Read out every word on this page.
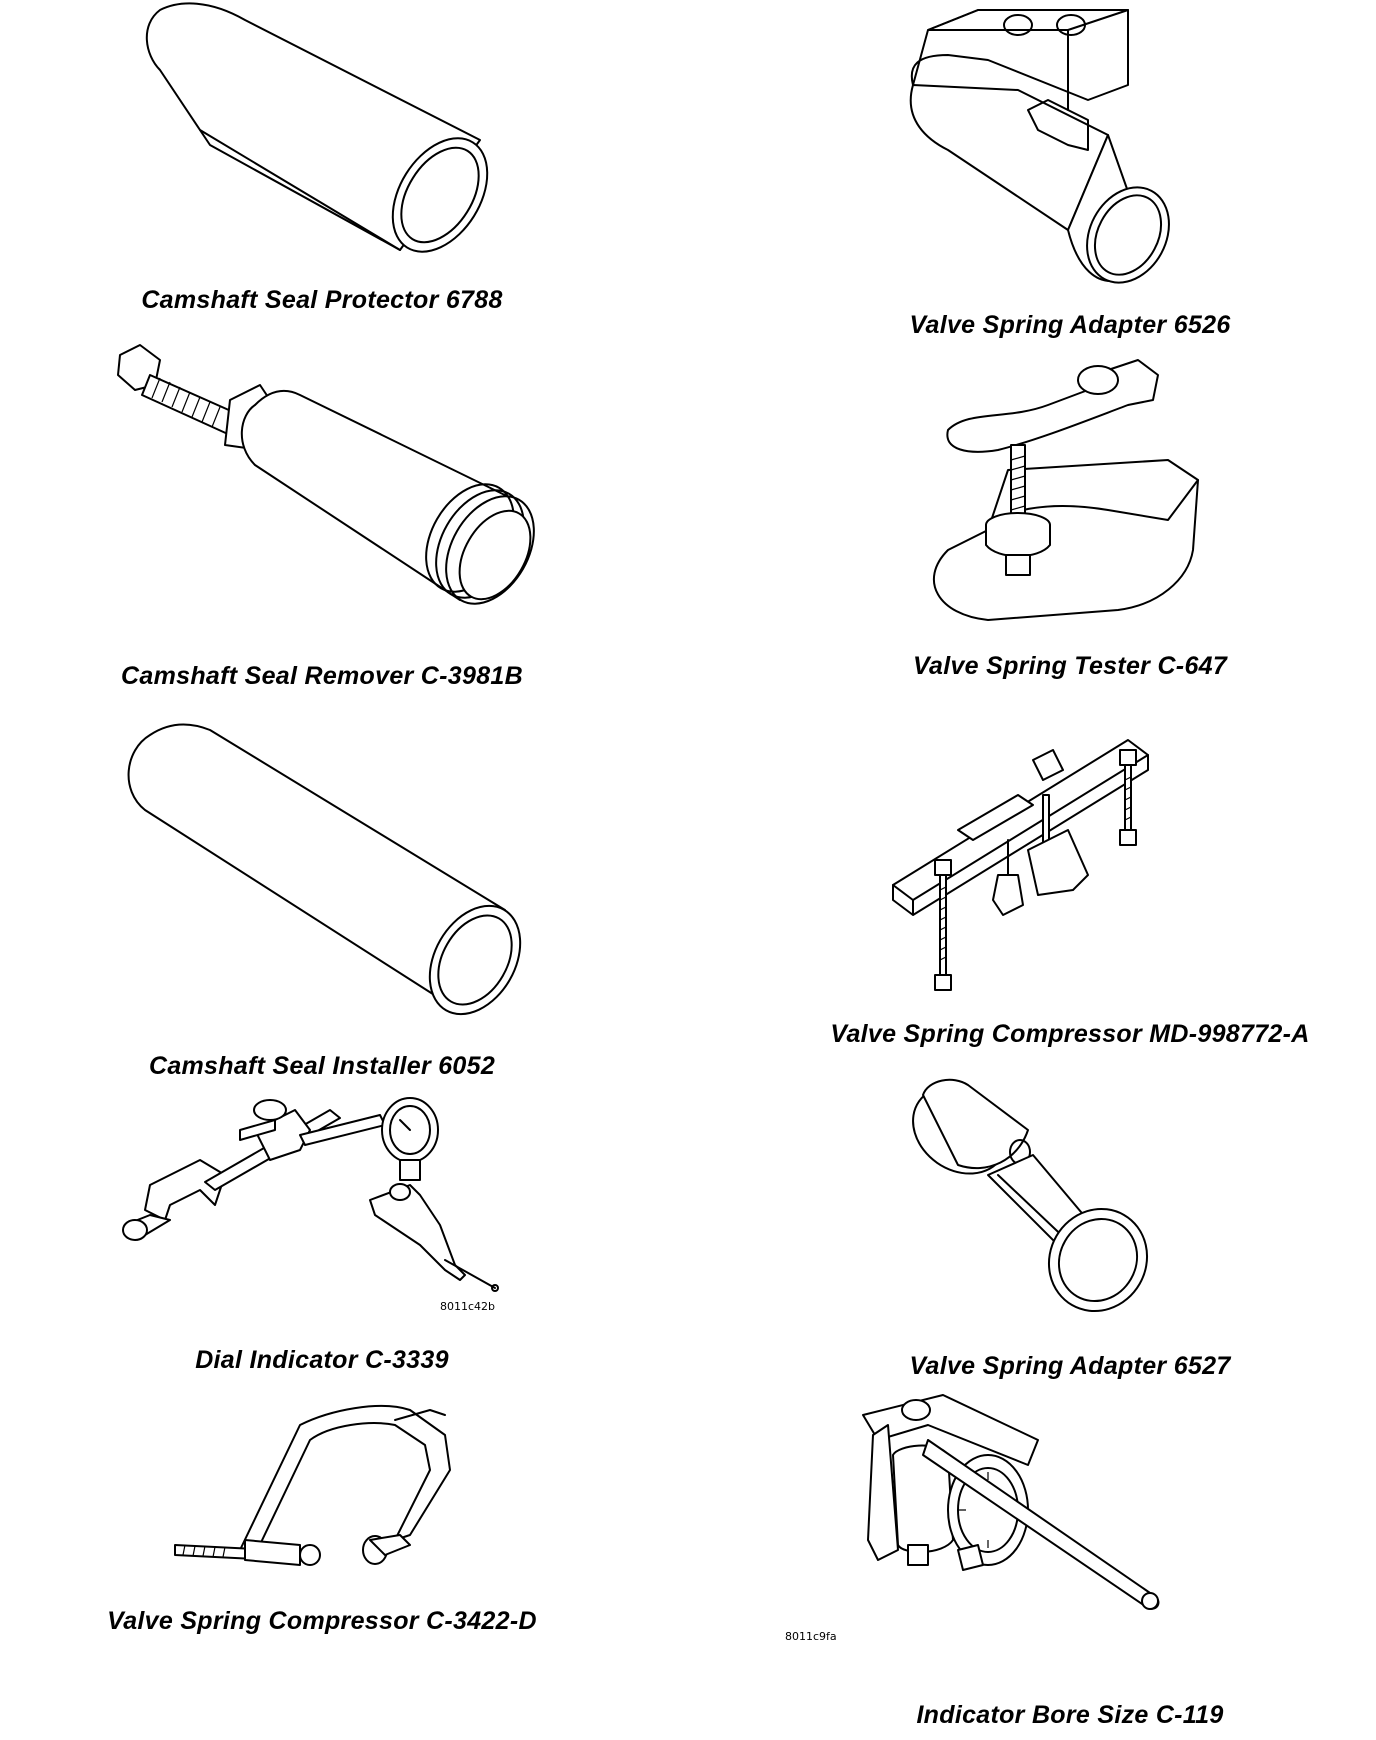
Camshaft Seal Protector 6788
Valve Spring Adapter 6526
Camshaft Seal Remover C-3981B	Valve Spring Tester C-647
Camshaft Seal Installer 6052
Valve Spring Compressor MD-998772-A
8011c42b
Dial Indicator C-3339	Valve Spring Adapter 6527
Valve Spring Compressor C-3422-D
8011c9fa
Indicator Bore Size C-119
